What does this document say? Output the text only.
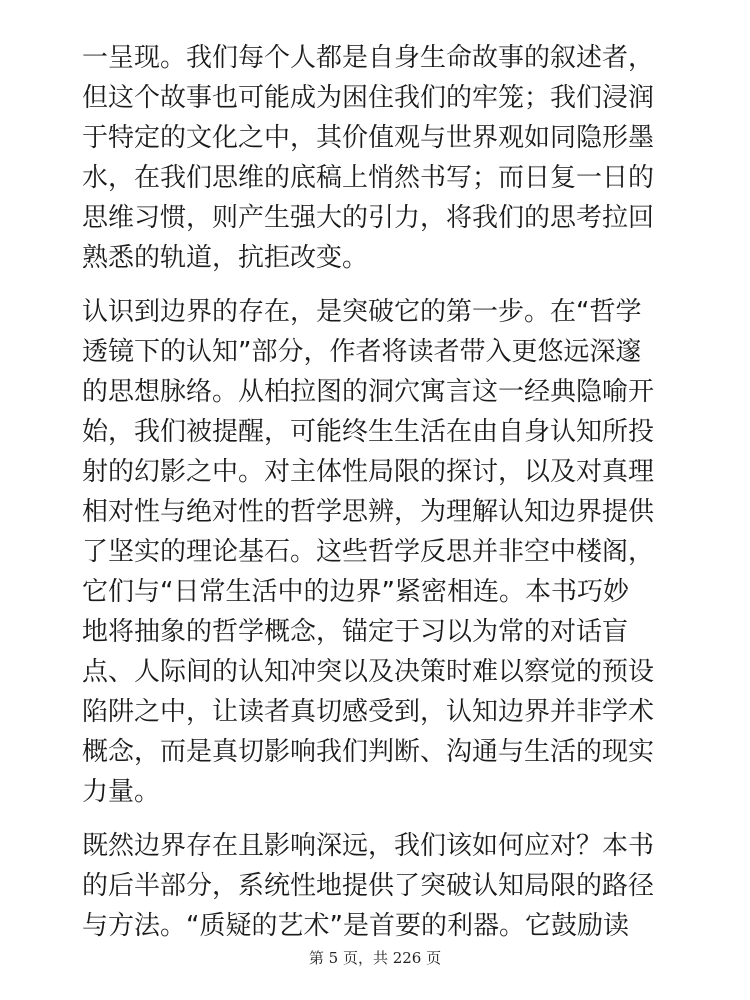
一呈现。我们每个人都是自身生命故事的叙述者，
但这个故事也可能成为困住我们的牢笼；我们浸润
于特定的文化之中，其价值观与世界观如同隐形墨
水，在我们思维的底稿上悄然书写；而日复一日的
思维习惯，则产生强大的引力，将我们的思考拉回
熟悉的轨道，抗拒改变。

认识到边界的存在，是突破它的第一步。在“哲学
透镜下的认知”部分，作者将读者带入更悠远深邃
的思想脉络。从柏拉图的洞穴寓言这一经典隐喻开
始，我们被提醒，可能终生生活在由自身认知所投
射的幻影之中。对主体性局限的探讨，以及对真理
相对性与绝对性的哲学思辨，为理解认知边界提供
了坚实的理论基石。这些哲学反思并非空中楼阁，
它们与“日常生活中的边界”紧密相连。本书巧妙
地将抽象的哲学概念，锚定于习以为常的对话盲
点、人际间的认知冲突以及决策时难以察觉的预设
陷阱之中，让读者真切感受到，认知边界并非学术
概念，而是真切影响我们判断、沟通与生活的现实
力量。

既然边界存在且影响深远，我们该如何应对？本书
的后半部分，系统性地提供了突破认知局限的路径
与方法。“质疑的艺术”是首要的利器。它鼓励读

第 5 页，共 226 页
